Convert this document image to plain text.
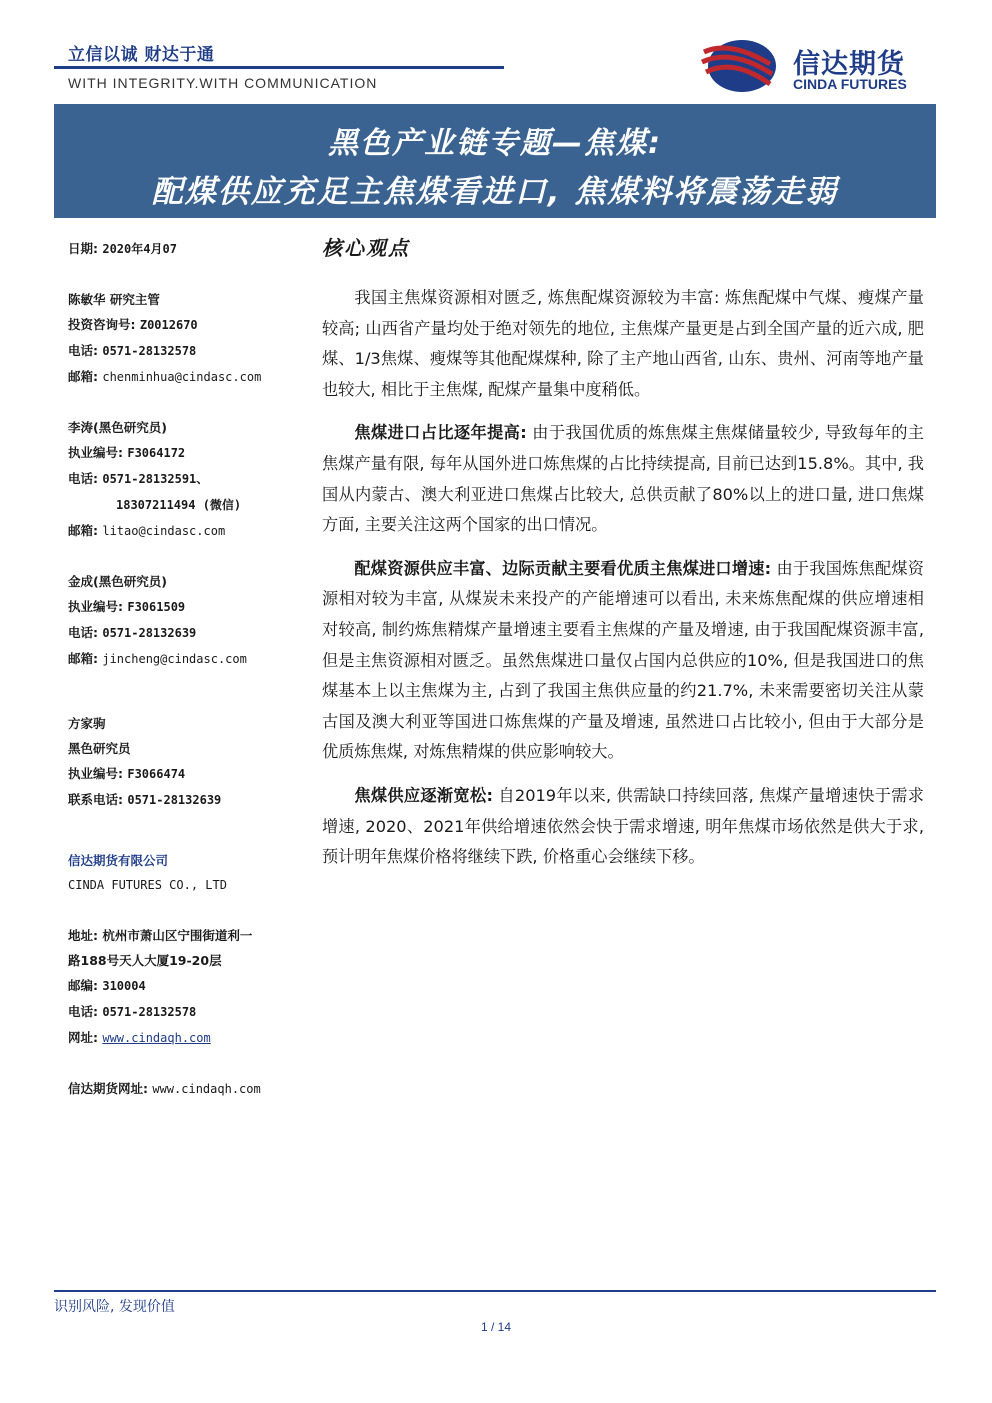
立信以诚 财达于通
WITH INTEGRITY.WITH COMMUNICATION
信达期货
CINDA FUTURES
黑色产业链专题—焦煤:
配煤供应充足主焦煤看进口, 焦煤料将震荡走弱
日期: 2020年4月07
陈敏华 研究主管
投资咨询号: Z0012670
电话: 0571-28132578
邮箱: chenminhua@cindasc.com
李涛(黑色研究员)
执业编号: F3064172
电话: 0571-28132591、
18307211494 (微信)
邮箱: litao@cindasc.com
金成(黑色研究员)
执业编号: F3061509
电话: 0571-28132639
邮箱: jincheng@cindasc.com
方家驹
黑色研究员
执业编号: F3066474
联系电话: 0571-28132639
信达期货有限公司
CINDA FUTURES CO., LTD
地址: 杭州市萧山区宁围街道利一
路188号天人大厦19-20层
邮编: 310004
电话: 0571-28132578
网址: www.cindaqh.com
信达期货网址: www.cindaqh.com
核心观点

我国主焦煤资源相对匮乏, 炼焦配煤资源较为丰富: 炼焦配煤中气煤、瘦煤产量较高; 山西省产量均处于绝对领先的地位, 主焦煤产量更是占到全国产量的近六成, 肥煤、1/3焦煤、瘦煤等其他配煤煤种, 除了主产地山西省, 山东、贵州、河南等地产量也较大, 相比于主焦煤, 配煤产量集中度稍低。

焦煤进口占比逐年提高: 由于我国优质的炼焦煤主焦煤储量较少, 导致每年的主焦煤产量有限, 每年从国外进口炼焦煤的占比持续提高, 目前已达到15.8%。其中, 我国从内蒙古、澳大利亚进口焦煤占比较大, 总供贡献了80%以上的进口量, 进口焦煤方面, 主要关注这两个国家的出口情况。

配煤资源供应丰富、边际贡献主要看优质主焦煤进口增速: 由于我国炼焦配煤资源相对较为丰富, 从煤炭未来投产的产能增速可以看出, 未来炼焦配煤的供应增速相对较高, 制约炼焦精煤产量增速主要看主焦煤的产量及增速, 由于我国配煤资源丰富, 但是主焦资源相对匮乏。虽然焦煤进口量仅占国内总供应的10%, 但是我国进口的焦煤基本上以主焦煤为主, 占到了我国主焦供应量的约21.7%, 未来需要密切关注从蒙古国及澳大利亚等国进口炼焦煤的产量及增速, 虽然进口占比较小, 但由于大部分是优质炼焦煤, 对炼焦精煤的供应影响较大。

焦煤供应逐渐宽松: 自2019年以来, 供需缺口持续回落, 焦煤产量增速快于需求增速, 2020、2021年供给增速依然会快于需求增速, 明年焦煤市场依然是供大于求, 预计明年焦煤价格将继续下跌, 价格重心会继续下移。

识别风险, 发现价值
1 / 14
